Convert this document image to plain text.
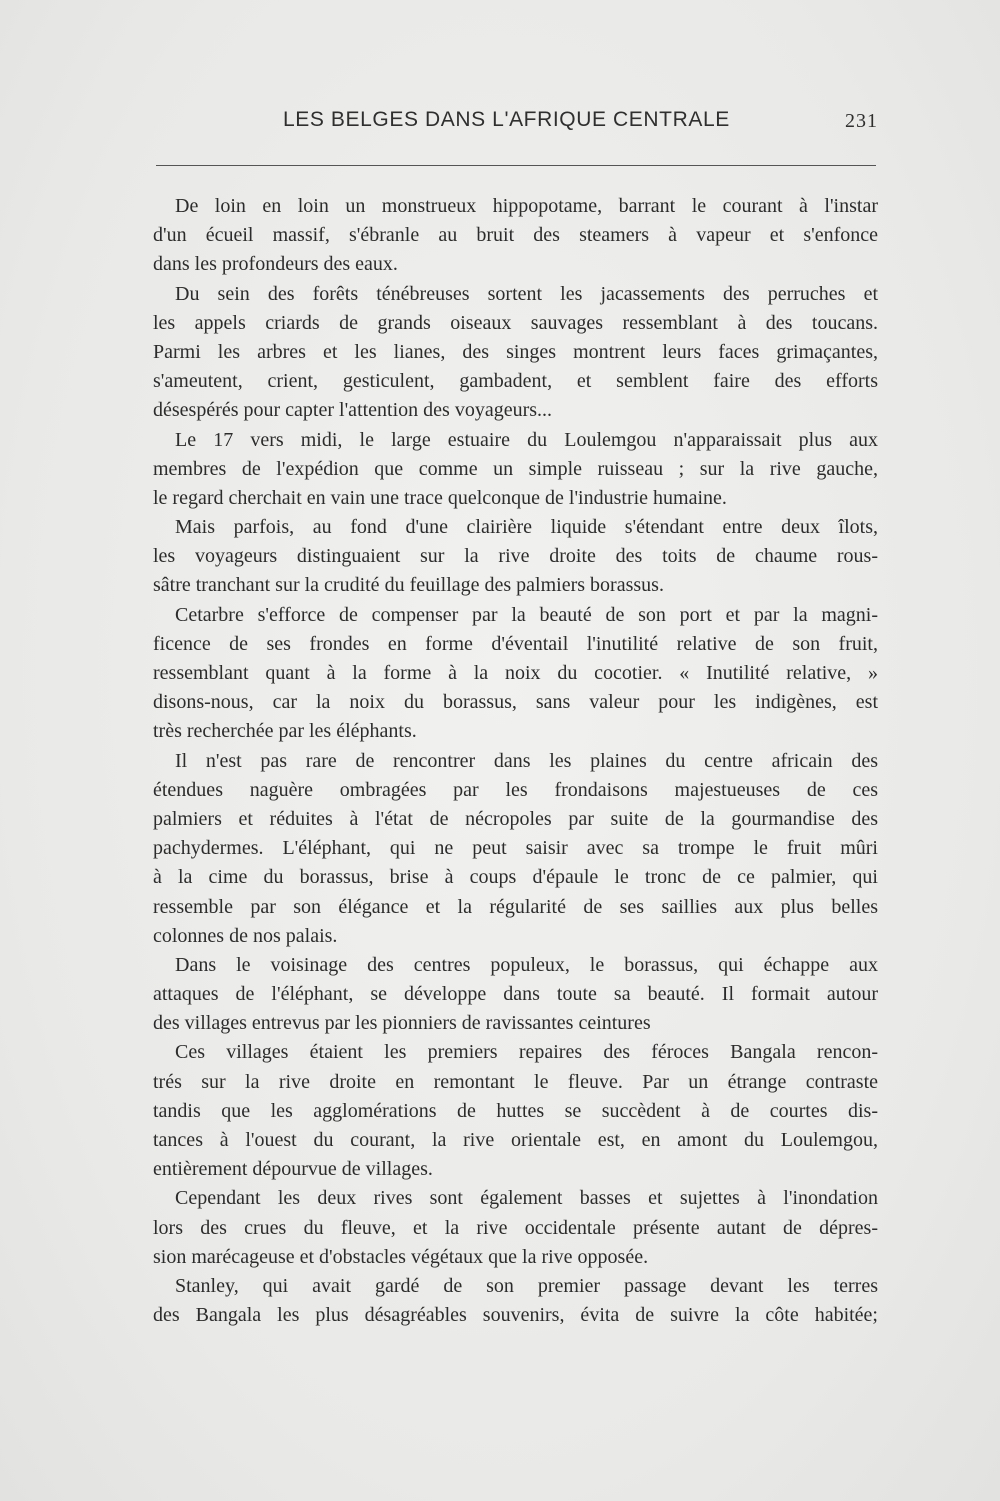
LES BELGES DANS L'AFRIQUE CENTRALE	231

De loin en loin un monstrueux hippopotame, barrant le courant à l'instar
d'un écueil massif, s'ébranle au bruit des steamers à vapeur et s'enfonce
dans les profondeurs des eaux.

Du sein des forêts ténébreuses sortent les jacassements des perruches et
les appels criards de grands oiseaux sauvages ressemblant à des toucans.
Parmi les arbres et les lianes, des singes montrent leurs faces grimaçantes,
s'ameutent, crient, gesticulent, gambadent, et semblent faire des efforts
désespérés pour capter l'attention des voyageurs...

Le 17 vers midi, le large estuaire du Loulemgou n'apparaissait plus aux
membres de l'expédion que comme un simple ruisseau ; sur la rive gauche,
le regard cherchait en vain une trace quelconque de l'industrie humaine.

Mais parfois, au fond d'une clairière liquide s'étendant entre deux îlots,
les voyageurs distinguaient sur la rive droite des toits de chaume rous-
sâtre tranchant sur la crudité du feuillage des palmiers borassus.

Cetarbre s'efforce de compenser par la beauté de son port et par la magni-
ficence de ses frondes en forme d'éventail l'inutilité relative de son fruit,
ressemblant quant à la forme à la noix du cocotier. « Inutilité relative, »
disons-nous, car la noix du borassus, sans valeur pour les indigènes, est
très recherchée par les éléphants.

Il n'est pas rare de rencontrer dans les plaines du centre africain des
étendues naguère ombragées par les frondaisons majestueuses de ces
palmiers et réduites à l'état de nécropoles par suite de la gourmandise des
pachydermes. L'éléphant, qui ne peut saisir avec sa trompe le fruit mûri
à la cime du borassus, brise à coups d'épaule le tronc de ce palmier, qui
ressemble par son élégance et la régularité de ses saillies aux plus belles
colonnes de nos palais.

Dans le voisinage des centres populeux, le borassus, qui échappe aux
attaques de l'éléphant, se développe dans toute sa beauté. Il formait autour
des villages entrevus par les pionniers de ravissantes ceintures

Ces villages étaient les premiers repaires des féroces Bangala rencon-
trés sur la rive droite en remontant le fleuve. Par un étrange contraste
tandis que les agglomérations de huttes se succèdent à de courtes dis-
tances à l'ouest du courant, la rive orientale est, en amont du Loulemgou,
entièrement dépourvue de villages.

Cependant les deux rives sont également basses et sujettes à l'inondation
lors des crues du fleuve, et la rive occidentale présente autant de dépres-
sion marécageuse et d'obstacles végétaux que la rive opposée.

Stanley, qui avait gardé de son premier passage devant les terres
des Bangala les plus désagréables souvenirs, évita de suivre la côte habitée;
